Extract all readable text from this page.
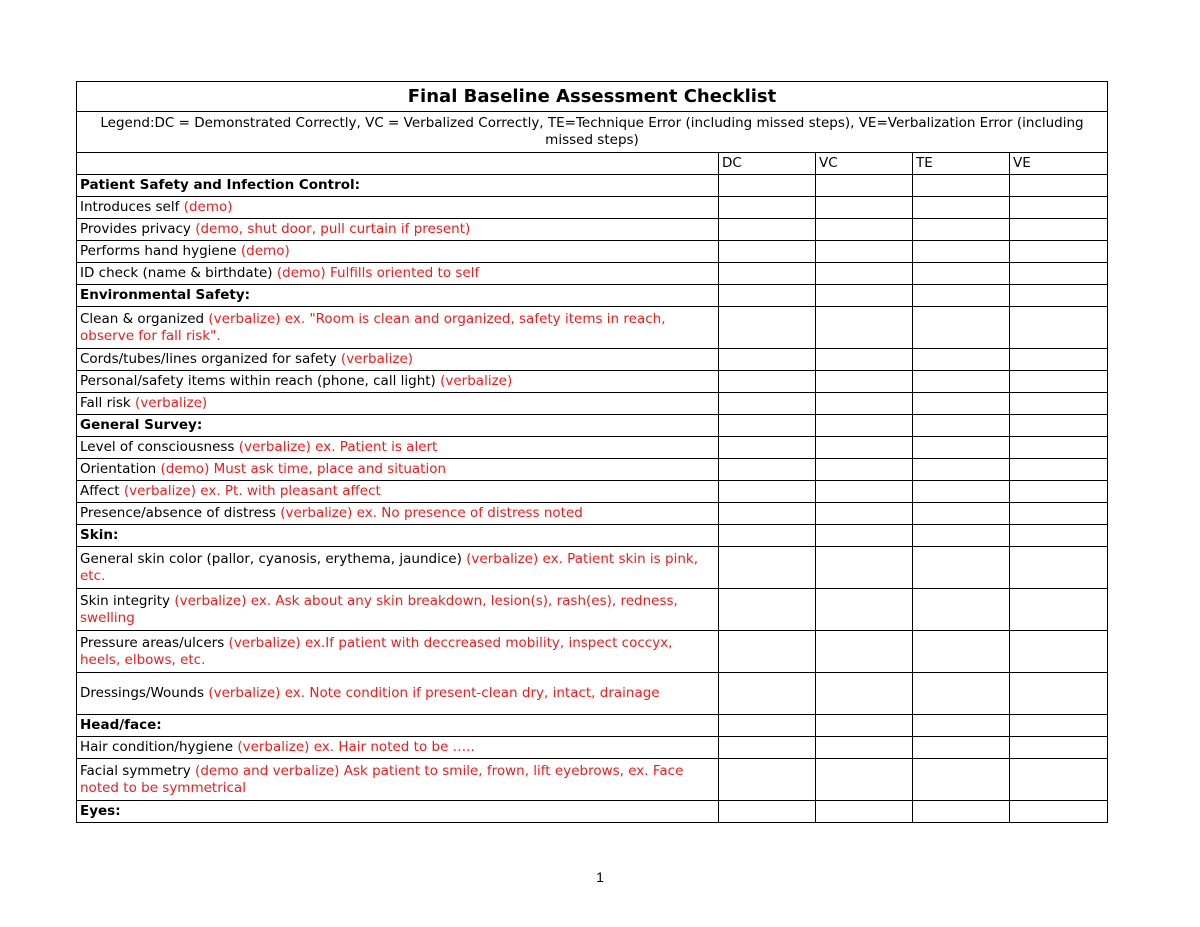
Final Baseline Assessment Checklist				
Legend:DC = Demonstrated Correctly, VC = Verbalized Correctly, TE=Technique Error (including missed steps), VE=Verbalization Error (including missed steps)				
	DC	VC	TE	VE
Patient Safety and Infection Control:				
Introduces self (demo)				
Provides privacy (demo, shut door, pull curtain if present)				
Performs hand hygiene (demo)				
ID check (name & birthdate) (demo) Fulfills oriented to self				
Environmental Safety:				
Clean & organized (verbalize) ex. "Room is clean and organized, safety items in reach, observe for fall risk".				
Cords/tubes/lines organized for safety (verbalize)				
Personal/safety items within reach (phone, call light) (verbalize)				
Fall risk (verbalize)				
General Survey:				
Level of consciousness (verbalize) ex. Patient is alert				
Orientation (demo) Must ask time, place and situation				
Affect (verbalize) ex. Pt. with pleasant affect				
Presence/absence of distress (verbalize) ex. No presence of distress noted				
Skin:				
General skin color (pallor, cyanosis, erythema, jaundice) (verbalize) ex. Patient skin is pink, etc.				
Skin integrity (verbalize) ex. Ask about any skin breakdown, lesion(s), rash(es), redness, swelling				
Pressure areas/ulcers (verbalize) ex.If patient with deccreased mobility, inspect coccyx, heels, elbows, etc.				
Dressings/Wounds (verbalize) ex. Note condition if present-clean dry, intact, drainage				
Head/face:				
Hair condition/hygiene (verbalize) ex. Hair noted to be …..				
Facial symmetry (demo and verbalize) Ask patient to smile, frown, lift eyebrows, ex. Face noted to be symmetrical				
Eyes:				
1
